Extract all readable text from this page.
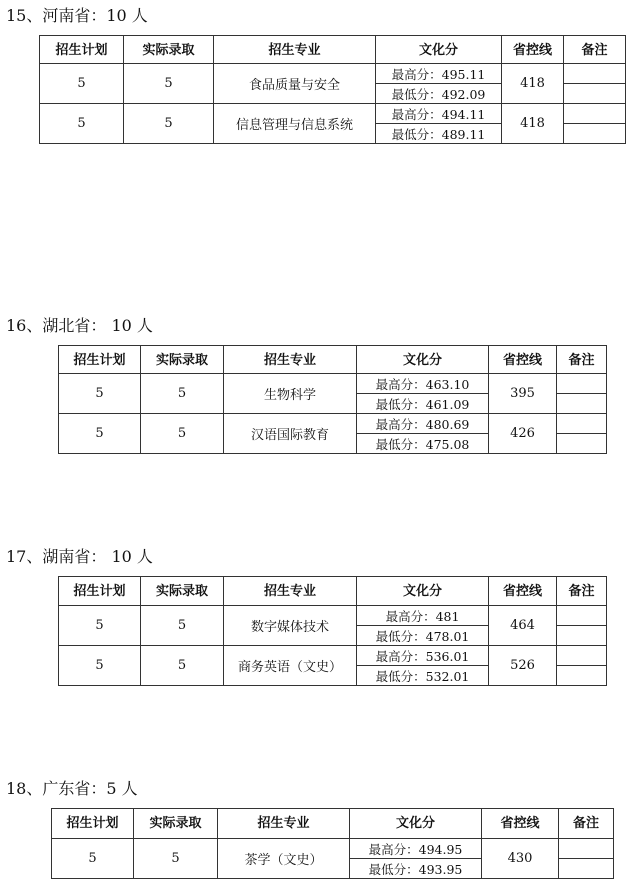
15、河南省：10 人
招生计划	实际录取	招生专业	文化分	省控线	备注
5	5	食品质量与安全	最高分：495.11	418	
			最低分：492.09		
5	5	信息管理与信息系统	最高分：494.11	418	
			最低分：489.11		
16、湖北省： 10 人
招生计划	实际录取	招生专业	文化分	省控线	备注
5	5	生物科学	最高分：463.10	395	
			最低分：461.09		
5	5	汉语国际教育	最高分：480.69	426	
			最低分：475.08		
17、湖南省： 10 人
招生计划	实际录取	招生专业	文化分	省控线	备注
5	5	数字媒体技术	最高分：481	464	
			最低分：478.01		
5	5	商务英语（文史）	最高分：536.01	526	
			最低分：532.01		
18、广东省：5 人
招生计划	实际录取	招生专业	文化分	省控线	备注
5	5	茶学（文史）	最高分：494.95	430	
			最低分：493.95		
